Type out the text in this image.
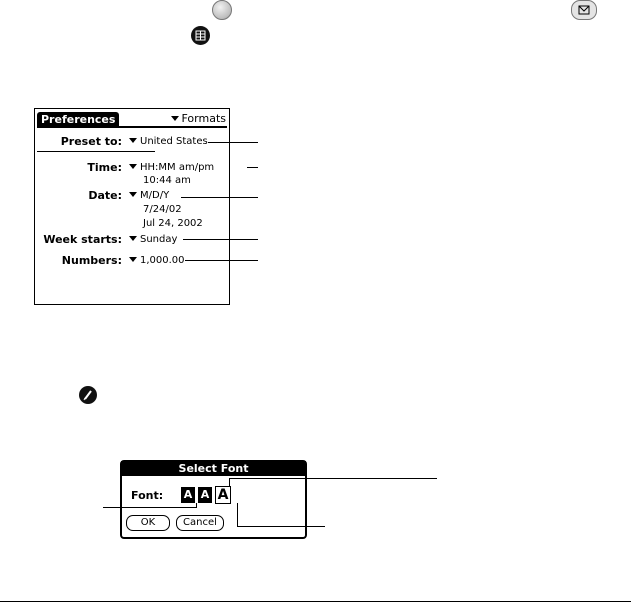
Preferences	Formats
Preset to:	United States
Time:	HH:MM am/pm
10:44 am
Date:	M/D/Y
7/24/02
Jul 24, 2002
Week starts:	Sunday
Numbers:	1,000.00
Select Font
Font: A A A
OK	Cancel
